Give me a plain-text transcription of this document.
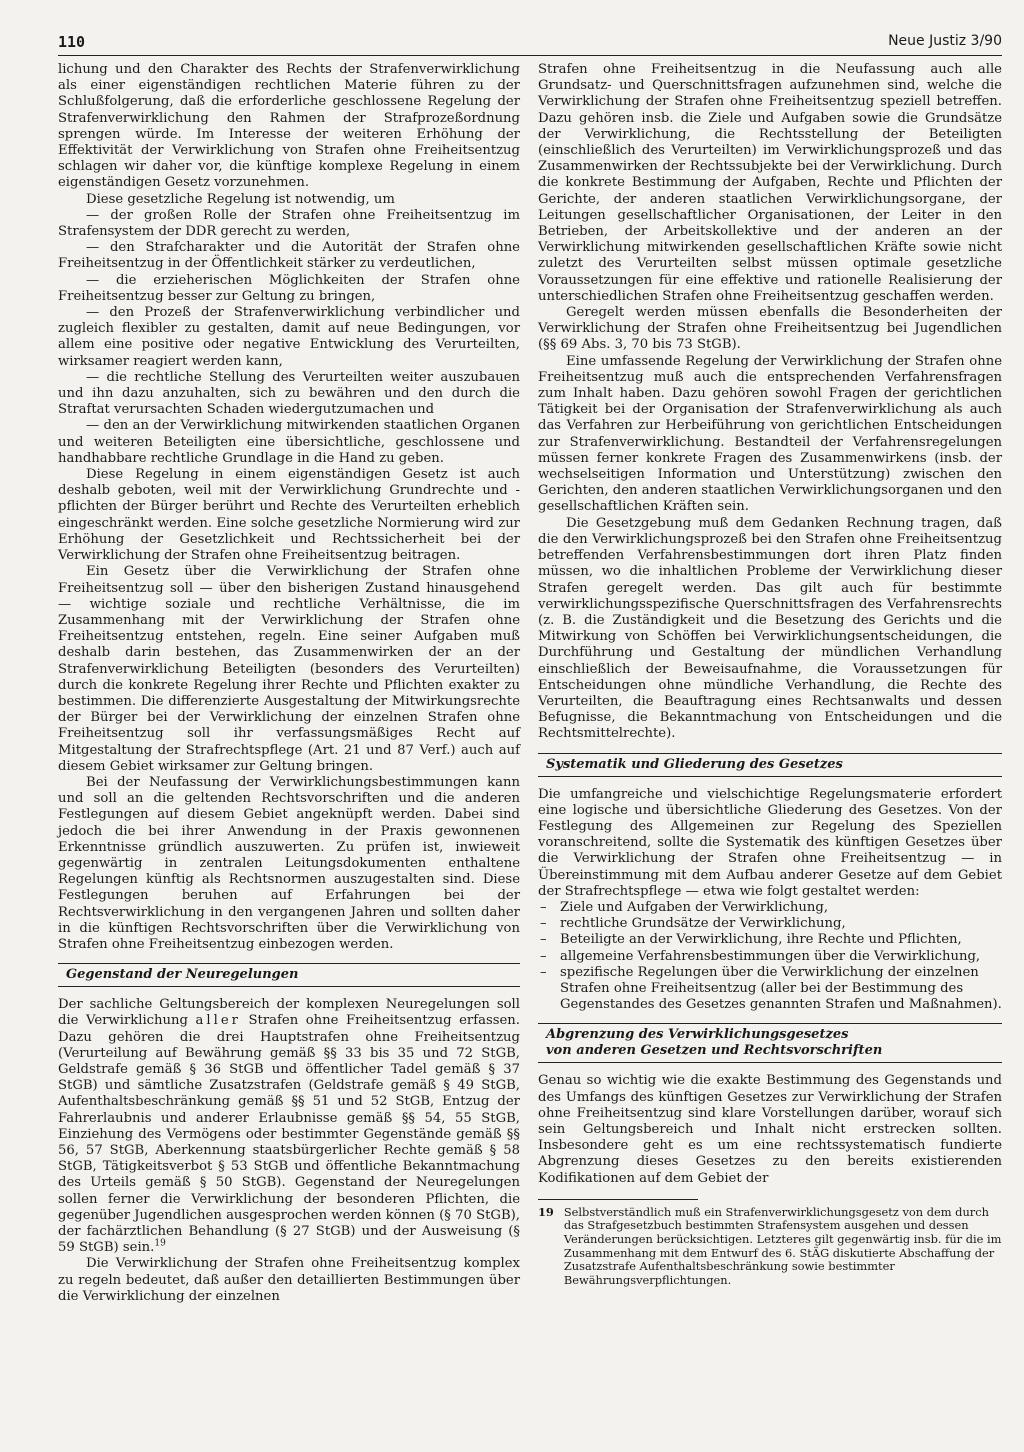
110	Neue Justiz 3/90

lichung und den Charakter des Rechts der Strafenverwirklichung als einer eigenständigen rechtlichen Materie führen zu der Schlußfolgerung, daß die erforderliche geschlossene Regelung der Strafenverwirklichung den Rahmen der Strafprozeßordnung sprengen würde. Im Interesse der weiteren Erhöhung der Effektivität der Verwirklichung von Strafen ohne Freiheitsentzug schlagen wir daher vor, die künftige komplexe Regelung in einem eigenständigen Gesetz vorzunehmen.

Diese gesetzliche Regelung ist notwendig, um

— der großen Rolle der Strafen ohne Freiheitsentzug im Strafensystem der DDR gerecht zu werden,

— den Strafcharakter und die Autorität der Strafen ohne Freiheitsentzug in der Öffentlichkeit stärker zu verdeutlichen,

— die erzieherischen Möglichkeiten der Strafen ohne Freiheitsentzug besser zur Geltung zu bringen,

— den Prozeß der Strafenverwirklichung verbindlicher und zugleich flexibler zu gestalten, damit auf neue Bedingungen, vor allem eine positive oder negative Entwicklung des Verurteilten, wirksamer reagiert werden kann,

— die rechtliche Stellung des Verurteilten weiter auszubauen und ihn dazu anzuhalten, sich zu bewähren und den durch die Straftat verursachten Schaden wiedergutzumachen und

— den an der Verwirklichung mitwirkenden staatlichen Organen und weiteren Beteiligten eine übersichtliche, geschlossene und handhabbare rechtliche Grundlage in die Hand zu geben.

Diese Regelung in einem eigenständigen Gesetz ist auch deshalb geboten, weil mit der Verwirklichung Grundrechte und -pflichten der Bürger berührt und Rechte des Verurteilten erheblich eingeschränkt werden. Eine solche gesetzliche Normierung wird zur Erhöhung der Gesetzlichkeit und Rechtssicherheit bei der Verwirklichung der Strafen ohne Freiheitsentzug beitragen.

Ein Gesetz über die Verwirklichung der Strafen ohne Freiheitsentzug soll — über den bisherigen Zustand hinausgehend — wichtige soziale und rechtliche Verhältnisse, die im Zusammenhang mit der Verwirklichung der Strafen ohne Freiheitsentzug entstehen, regeln. Eine seiner Aufgaben muß deshalb darin bestehen, das Zusammenwirken der an der Strafenverwirklichung Beteiligten (besonders des Verurteilten) durch die konkrete Regelung ihrer Rechte und Pflichten exakter zu bestimmen. Die differenzierte Ausgestaltung der Mitwirkungsrechte der Bürger bei der Verwirklichung der einzelnen Strafen ohne Freiheitsentzug soll ihr verfassungsmäßiges Recht auf Mitgestaltung der Strafrechtspflege (Art. 21 und 87 Verf.) auch auf diesem Gebiet wirksamer zur Geltung bringen.

Bei der Neufassung der Verwirklichungsbestimmungen kann und soll an die geltenden Rechtsvorschriften und die anderen Festlegungen auf diesem Gebiet angeknüpft werden. Dabei sind jedoch die bei ihrer Anwendung in der Praxis gewonnenen Erkenntnisse gründlich auszuwerten. Zu prüfen ist, inwieweit gegenwärtig in zentralen Leitungsdokumenten enthaltene Regelungen künftig als Rechtsnormen auszugestalten sind. Diese Festlegungen beruhen auf Erfahrungen bei der Rechtsverwirklichung in den vergangenen Jahren und sollten daher in die künftigen Rechtsvorschriften über die Verwirklichung von Strafen ohne Freiheitsentzug einbezogen werden.

Gegenstand der Neuregelungen

Der sachliche Geltungsbereich der komplexen Neuregelungen soll die Verwirklichung aller Strafen ohne Freiheitsentzug erfassen. Dazu gehören die drei Hauptstrafen ohne Freiheitsentzug (Verurteilung auf Bewährung gemäß §§ 33 bis 35 und 72 StGB, Geldstrafe gemäß § 36 StGB und öffentlicher Tadel gemäß § 37 StGB) und sämtliche Zusatzstrafen (Geldstrafe gemäß § 49 StGB, Aufenthaltsbeschränkung gemäß §§ 51 und 52 StGB, Entzug der Fahrerlaubnis und anderer Erlaubnisse gemäß §§ 54, 55 StGB, Einziehung des Vermögens oder bestimmter Gegenstände gemäß §§ 56, 57 StGB, Aberkennung staatsbürgerlicher Rechte gemäß § 58 StGB, Tätigkeitsverbot § 53 StGB und öffentliche Bekanntmachung des Urteils gemäß § 50 StGB). Gegenstand der Neuregelungen sollen ferner die Verwirklichung der besonderen Pflichten, die gegenüber Jugendlichen ausgesprochen werden können (§ 70 StGB), der fachärztlichen Behandlung (§ 27 StGB) und der Ausweisung (§ 59 StGB) sein.$^{19}$

Die Verwirklichung der Strafen ohne Freiheitsentzug komplex zu regeln bedeutet, daß außer den detaillierten Bestimmungen über die Verwirklichung der einzelnen

Strafen ohne Freiheitsentzug in die Neufassung auch alle Grundsatz- und Querschnittsfragen aufzunehmen sind, welche die Verwirklichung der Strafen ohne Freiheitsentzug speziell betreffen. Dazu gehören insb. die Ziele und Aufgaben sowie die Grundsätze der Verwirklichung, die Rechtsstellung der Beteiligten (einschließlich des Verurteilten) im Verwirklichungsprozeß und das Zusammenwirken der Rechtssubjekte bei der Verwirklichung. Durch die konkrete Bestimmung der Aufgaben, Rechte und Pflichten der Gerichte, der anderen staatlichen Verwirklichungsorgane, der Leitungen gesellschaftlicher Organisationen, der Leiter in den Betrieben, der Arbeitskollektive und der anderen an der Verwirklichung mitwirkenden gesellschaftlichen Kräfte sowie nicht zuletzt des Verurteilten selbst müssen optimale gesetzliche Voraussetzungen für eine effektive und rationelle Realisierung der unterschiedlichen Strafen ohne Freiheitsentzug geschaffen werden.

Geregelt werden müssen ebenfalls die Besonderheiten der Verwirklichung der Strafen ohne Freiheitsentzug bei Jugendlichen (§§ 69 Abs. 3, 70 bis 73 StGB).

Eine umfassende Regelung der Verwirklichung der Strafen ohne Freiheitsentzug muß auch die entsprechenden Verfahrensfragen zum Inhalt haben. Dazu gehören sowohl Fragen der gerichtlichen Tätigkeit bei der Organisation der Strafenverwirklichung als auch das Verfahren zur Herbeiführung von gerichtlichen Entscheidungen zur Strafenverwirklichung. Bestandteil der Verfahrensregelungen müssen ferner konkrete Fragen des Zusammenwirkens (insb. der wechselseitigen Information und Unterstützung) zwischen den Gerichten, den anderen staatlichen Verwirklichungsorganen und den gesellschaftlichen Kräften sein.

Die Gesetzgebung muß dem Gedanken Rechnung tragen, daß die den Verwirklichungsprozeß bei den Strafen ohne Freiheitsentzug betreffenden Verfahrensbestimmungen dort ihren Platz finden müssen, wo die inhaltlichen Probleme der Verwirklichung dieser Strafen geregelt werden. Das gilt auch für bestimmte verwirklichungsspezifische Querschnittsfragen des Verfahrensrechts (z. B. die Zuständigkeit und die Besetzung des Gerichts und die Mitwirkung von Schöffen bei Verwirklichungsentscheidungen, die Durchführung und Gestaltung der mündlichen Verhandlung einschließlich der Beweisaufnahme, die Voraussetzungen für Entscheidungen ohne mündliche Verhandlung, die Rechte des Verurteilten, die Beauftragung eines Rechtsanwalts und dessen Befugnisse, die Bekanntmachung von Entscheidungen und die Rechtsmittelrechte).

Systematik und Gliederung des Gesetzes

Die umfangreiche und vielschichtige Regelungsmaterie erfordert eine logische und übersichtliche Gliederung des Gesetzes. Von der Festlegung des Allgemeinen zur Regelung des Speziellen voranschreitend, sollte die Systematik des künftigen Gesetzes über die Verwirklichung der Strafen ohne Freiheitsentzug — in Übereinstimmung mit dem Aufbau anderer Gesetze auf dem Gebiet der Strafrechtspflege — etwa wie folgt gestaltet werden:

– Ziele und Aufgaben der Verwirklichung,
– rechtliche Grundsätze der Verwirklichung,
– Beteiligte an der Verwirklichung, ihre Rechte und Pflichten,
– allgemeine Verfahrensbestimmungen über die Verwirklichung,
– spezifische Regelungen über die Verwirklichung der einzelnen Strafen ohne Freiheitsentzug (aller bei der Bestimmung des Gegenstandes des Gesetzes genannten Strafen und Maßnahmen).
Abgrenzung des Verwirklichungsgesetzes
von anderen Gesetzen und Rechtsvorschriften

Genau so wichtig wie die exakte Bestimmung des Gegenstands und des Umfangs des künftigen Gesetzes zur Verwirklichung der Strafen ohne Freiheitsentzug sind klare Vorstellungen darüber, worauf sich sein Geltungsbereich und Inhalt nicht erstrecken sollten. Insbesondere geht es um eine rechtssystematisch fundierte Abgrenzung dieses Gesetzes zu den bereits existierenden Kodifikationen auf dem Gebiet der

19 Selbstverständlich muß ein Strafenverwirklichungsgesetz von dem durch das Strafgesetzbuch bestimmten Strafensystem ausgehen und dessen Veränderungen berücksichtigen. Letzteres gilt gegenwärtig insb. für die im Zusammenhang mit dem Entwurf des 6. StÄG diskutierte Abschaffung der Zusatzstrafe Aufenthaltsbeschränkung sowie bestimmter Bewährungsverpflichtungen.
